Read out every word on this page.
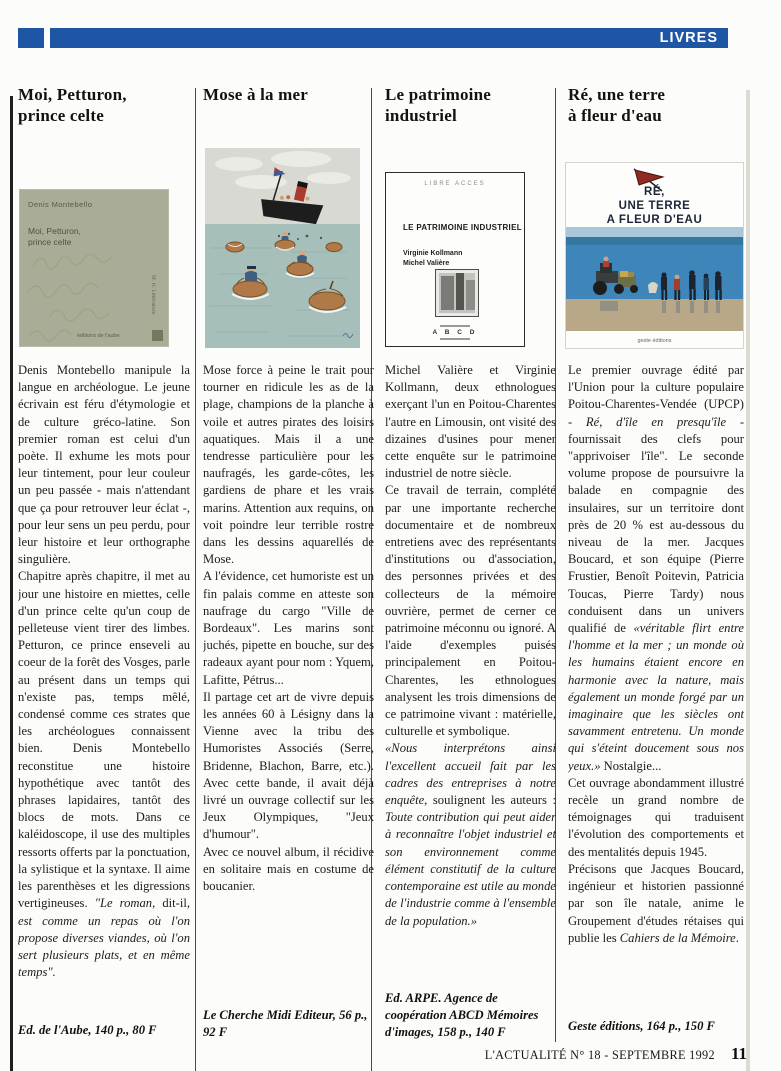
LIVRES
Moi, Petturon,
prince celte
Denis Montebello
Moi, Petturon,
prince celte
éditions de l'aube
M. H. Littérature

Denis Montebello manipule la langue en archéologue. Le jeune écrivain est féru d'étymologie et de culture gréco-latine. Son premier roman est celui d'un poète. Il exhume les mots pour leur tintement, pour leur couleur un peu passée - mais n'attendant que ça pour retrouver leur éclat -, pour leur sens un peu perdu, pour leur histoire et leur orthographe singulière.

Chapitre après chapitre, il met au jour une histoire en miettes, celle d'un prince celte qu'un coup de pelleteuse vient tirer des limbes. Petturon, ce prince enseveli au coeur de la forêt des Vosges, parle au présent dans un temps qui n'existe pas, temps mêlé, condensé comme ces strates que les archéologues connaissent bien. Denis Montebello reconstitue une histoire hypothétique avec tantôt des phrases lapidaires, tantôt des blocs de mots. Dans ce kaléidoscope, il use des multiples ressorts offerts par la ponctuation, la sylistique et la syntaxe. Il aime les parenthèses et les digressions vertigineuses. "Le roman, dit-il, est comme un repas où l'on propose diverses viandes, où l'on sert plusieurs plats, et en même temps".

Ed. de l'Aube, 140 p., 80 F
Mose à la mer

Mose force à peine le trait pour tourner en ridicule les as de la plage, champions de la planche à voile et autres pirates des loisirs aquatiques. Mais il a une tendresse particulière pour les naufragés, les garde-côtes, les gardiens de phare et les vrais marins. Attention aux requins, on voit poindre leur terrible rostre dans les dessins aquarellés de Mose.

A l'évidence, cet humoriste est un fin palais comme en atteste son naufrage du cargo "Ville de Bordeaux". Les marins sont juchés, pipette en bouche, sur des radeaux ayant pour nom : Yquem, Lafitte, Pétrus...

Il partage cet art de vivre depuis les années 60 à Lésigny dans la Vienne avec la tribu des Humoristes Associés (Serre, Bridenne, Blachon, Barre, etc.). Avec cette bande, il avait déjà livré un ouvrage collectif sur les Jeux Olympiques, "Jeux d'humour".

Avec ce nouvel album, il récidive en solitaire mais en costume de boucanier.

Le Cherche Midi Editeur, 56 p., 92 F
Le patrimoine
industriel
LIBRE ACCES
LE PATRIMOINE INDUSTRIEL
Virginie Kollmann
Michel Valière
A B C D

Michel Valière et Virginie Kollmann, deux ethnologues exerçant l'un en Poitou-Charentes l'autre en Limousin, ont visité des dizaines d'usines pour mener cette enquête sur le patrimoine industriel de notre siècle.

Ce travail de terrain, complété par une importante recherche documentaire et de nombreux entretiens avec des représentants d'institutions ou d'association, des personnes privées et des collecteurs de la mémoire ouvrière, permet de cerner ce patrimoine méconnu ou ignoré. A l'aide d'exemples puisés principalement en Poitou-Charentes, les ethnologues analysent les trois dimensions de ce patrimoine vivant : matérielle, culturelle et symbolique.

«Nous interprétons ainsi l'excellent accueil fait par les cadres des entreprises à notre enquête, soulignent les auteurs : Toute contribution qui peut aider à reconnaître l'objet industriel et son environnement comme élément constitutif de la culture contemporaine est utile au monde de l'industrie comme à l'ensemble de la population.»

Ed. ARPE. Agence de coopération ABCD Mémoires d'images, 158 p., 140 F
Ré, une terre
à fleur d'eau
RÉ,
UNE TERRE
A FLEUR D'EAU
geste éditions

Le premier ouvrage édité par l'Union pour la culture populaire Poitou-Charentes-Vendée (UPCP) - Ré, d'île en presqu'île - fournissait des clefs pour "apprivoiser l'île". Le seconde volume propose de poursuivre la balade en compagnie des insulaires, sur un territoire dont près de 20 % est au-dessous du niveau de la mer. Jacques Boucard, et son équipe (Pierre Frustier, Benoît Poitevin, Patricia Toucas, Pierre Tardy) nous conduisent dans un univers qualifié de «véritable flirt entre l'homme et la mer ; un monde où les humains étaient encore en harmonie avec la nature, mais également un monde forgé par un imaginaire que les siècles ont savamment entretenu. Un monde qui s'éteint doucement sous nos yeux.» Nostalgie...

Cet ouvrage abondamment illustré recèle un grand nombre de témoignages qui traduisent l'évolution des comportements et des mentalités depuis 1945.

Précisons que Jacques Boucard, ingénieur et historien passionné par son île natale, anime le Groupement d'études rétaises qui publie les Cahiers de la Mémoire.

Geste éditions, 164 p., 150 F
L'ACTUALITÉ N° 18 - SEPTEMBRE 1992 11
